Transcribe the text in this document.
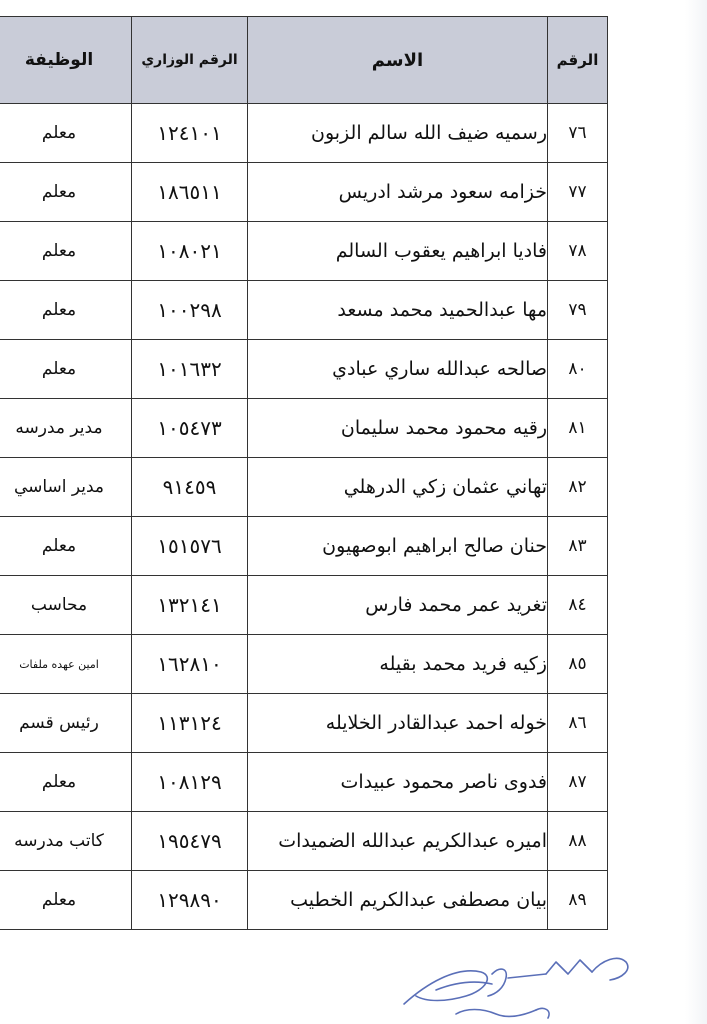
الرقم	الاسم	الرقم الوزاري	الوظيفة
٧٦	رسميه ضيف الله سالم الزبون	١٢٤١٠١	معلم
٧٧	خزامه سعود مرشد ادريس	١٨٦٥١١	معلم
٧٨	فاديا ابراهيم يعقوب السالم	١٠٨٠٢١	معلم
٧٩	مها عبدالحميد محمد مسعد	١٠٠٢٩٨	معلم
٨٠	صالحه عبدالله ساري عبادي	١٠١٦٣٢	معلم
٨١	رقيه محمود محمد سليمان	١٠٥٤٧٣	مدير مدرسه
٨٢	تهاني عثمان زكي الدرهلي	٩١٤٥٩	مدير اساسي
٨٣	حنان صالح ابراهيم ابوصهيون	١٥١٥٧٦	معلم
٨٤	تغريد عمر محمد فارس	١٣٢١٤١	محاسب
٨٥	زكيه فريد محمد بقيله	١٦٢٨١٠	امين عهده ملفات
٨٦	خوله احمد عبدالقادر الخلايله	١١٣١٢٤	رئيس قسم
٨٧	فدوى ناصر محمود عبيدات	١٠٨١٢٩	معلم
٨٨	اميره عبدالكريم عبدالله الضميدات	١٩٥٤٧٩	كاتب مدرسه
٨٩	بيان مصطفى عبدالكريم الخطيب	١٢٩٨٩٠	معلم
